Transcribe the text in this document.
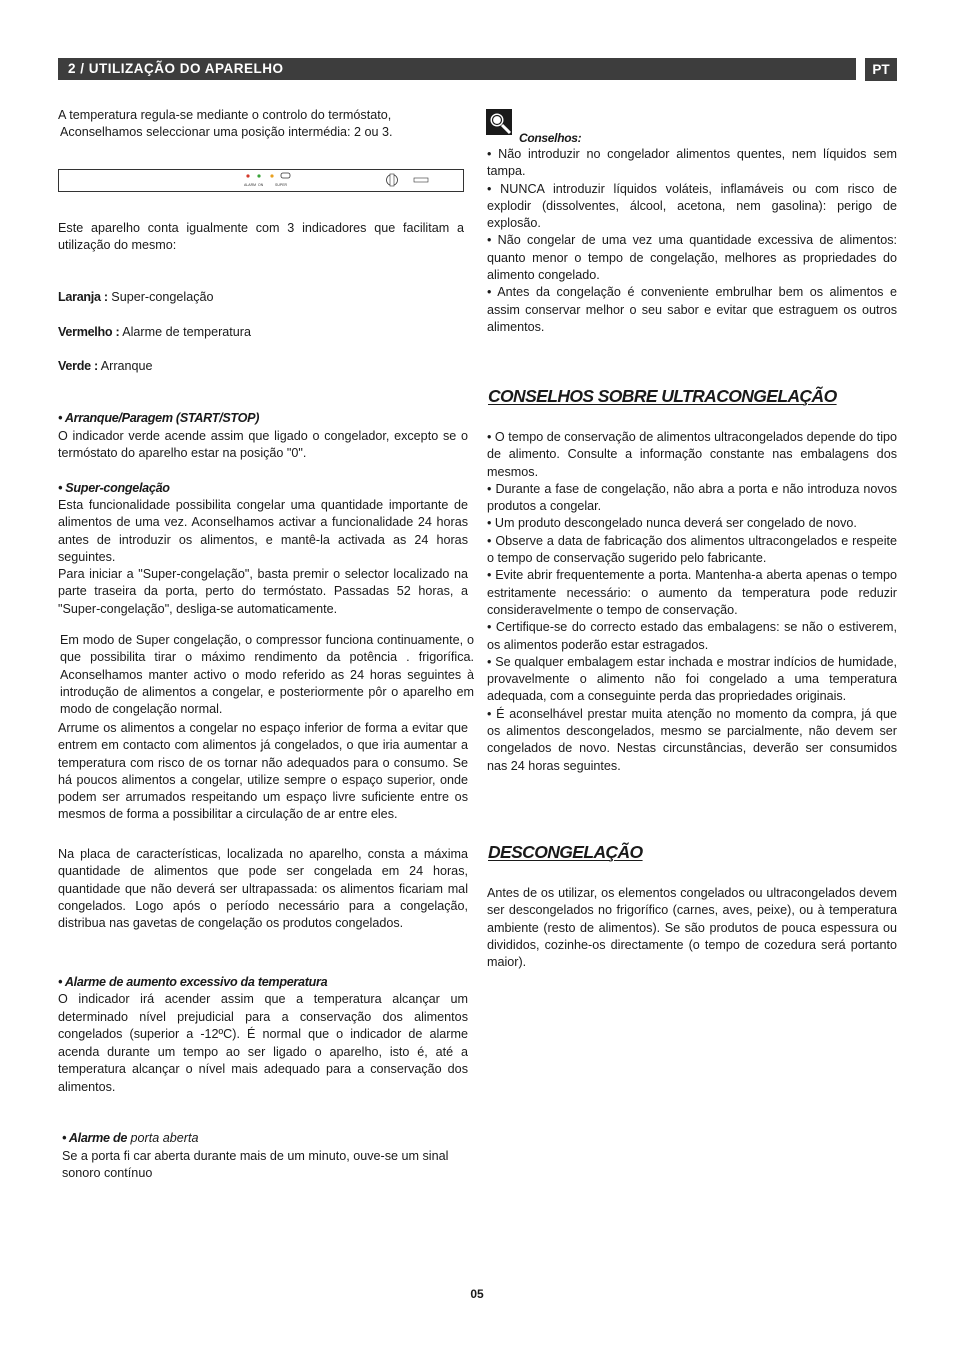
2 / UTILIZAÇÃO DO APARELHO	PT
A temperatura regula-se mediante o controlo do termóstato,
Aconselhamos seleccionar uma posição intermédia: 2 ou 3.
ALARM ON	SUPER

Este aparelho conta igualmente com 3 indicadores que facilitam a utilização do mesmo:

Laranja : Super-congelação
Vermelho : Alarme de temperatura
Verde : Arranque
• Arranque/Paragem (START/STOP)

O indicador verde acende assim que ligado o congelador, excepto se o termóstato do aparelho estar na posição "0".

• Super-congelação

Esta funcionalidade possibilita congelar uma quantidade importante de alimentos de uma vez. Aconselhamos activar a funcionalidade 24 horas antes de introduzir os alimentos, e mantê-la activada as 24 horas seguintes.

Para iniciar a "Super-congelação", basta premir o selector localizado na parte traseira da porta, perto do termóstato. Passadas 52 horas, a "Super-congelação", desliga-se automaticamente.

Em modo de Super congelação, o compressor funciona continuamente, o que possibilita tirar o máximo rendimento da potência . frigorífica. Aconselhamos manter activo o modo referido as 24 horas seguintes à introdução de alimentos a congelar, e posteriormente pôr o aparelho em modo de congelação normal.

Arrume os alimentos a congelar no espaço inferior de forma a evitar que entrem em contacto com alimentos já congelados, o que iria aumentar a temperatura com risco de os tornar não adequados para o consumo. Se há poucos alimentos a congelar, utilize sempre o espaço superior, onde podem ser arrumados respeitando um espaço livre suficiente entre os mesmos de forma a possibilitar a circulação de ar entre eles.

Na placa de características, localizada no aparelho, consta a máxima quantidade de alimentos que pode ser congelada em 24 horas, quantidade que não deverá ser ultrapassada: os alimentos ficariam mal congelados. Logo após o período necessário para a congelação, distribua nas gavetas de congelação os produtos congelados.

• Alarme de aumento excessivo da temperatura

O indicador irá acender assim que a temperatura alcançar um determinado nível prejudicial para a conservação dos alimentos congelados (superior a -12ºC). É normal que o indicador de alarme acenda durante um tempo ao ser ligado o aparelho, isto é, até a temperatura alcançar o nível mais adequado para a conservação dos alimentos.

• Alarme de porta aberta

Se a porta fi car aberta durante mais de um minuto, ouve-se um sinal sonoro contínuo

Conselhos:

• Não introduzir no congelador alimentos quentes, nem líquidos sem tampa.

• NUNCA introduzir líquidos voláteis, inflamáveis ou com risco de explodir (dissolventes, álcool, acetona, nem gasolina): perigo de explosão.

• Não congelar de uma vez uma quantidade excessiva de alimentos: quanto menor o tempo de congelação, melhores as propriedades do alimento congelado.

• Antes da congelação é conveniente embrulhar bem os alimentos e assim conservar melhor o seu sabor e evitar que estraguem os outros alimentos.

CONSELHOS SOBRE ULTRACONGELAÇÃO

• O tempo de conservação de alimentos ultracongelados depende do tipo de alimento. Consulte a informação constante nas embalagens dos mesmos.

• Durante a fase de congelação, não abra a porta e não introduza novos produtos a congelar.

• Um produto descongelado nunca deverá ser congelado de novo.

• Observe a data de fabricação dos alimentos ultracongelados e respeite o tempo de conservação sugerido pelo fabricante.

• Evite abrir frequentemente a porta. Mantenha-a aberta apenas o tempo estritamente necessário: o aumento da temperatura pode reduzir consideravelmente o tempo de conservação.

• Certifique-se do correcto estado das embalagens: se não o estiverem, os alimentos poderão estar estragados.

• Se qualquer embalagem estar inchada e mostrar indícios de humidade, provavelmente o alimento não foi congelado a uma temperatura adequada, com a conseguinte perda das propriedades originais.

• É aconselhável prestar muita atenção no momento da compra, já que os alimentos descongelados, mesmo se parcialmente, não devem ser congelados de novo. Nestas circunstâncias, deverão ser consumidos nas 24 horas seguintes.

DESCONGELAÇÃO

Antes de os utilizar, os elementos congelados ou ultracongelados devem ser descongelados no frigorífico (carnes, aves, peixe), ou à temperatura ambiente (resto de alimentos). Se são produtos de pouca espessura ou divididos, cozinhe-os directamente (o tempo de cozedura será portanto maior).

05
